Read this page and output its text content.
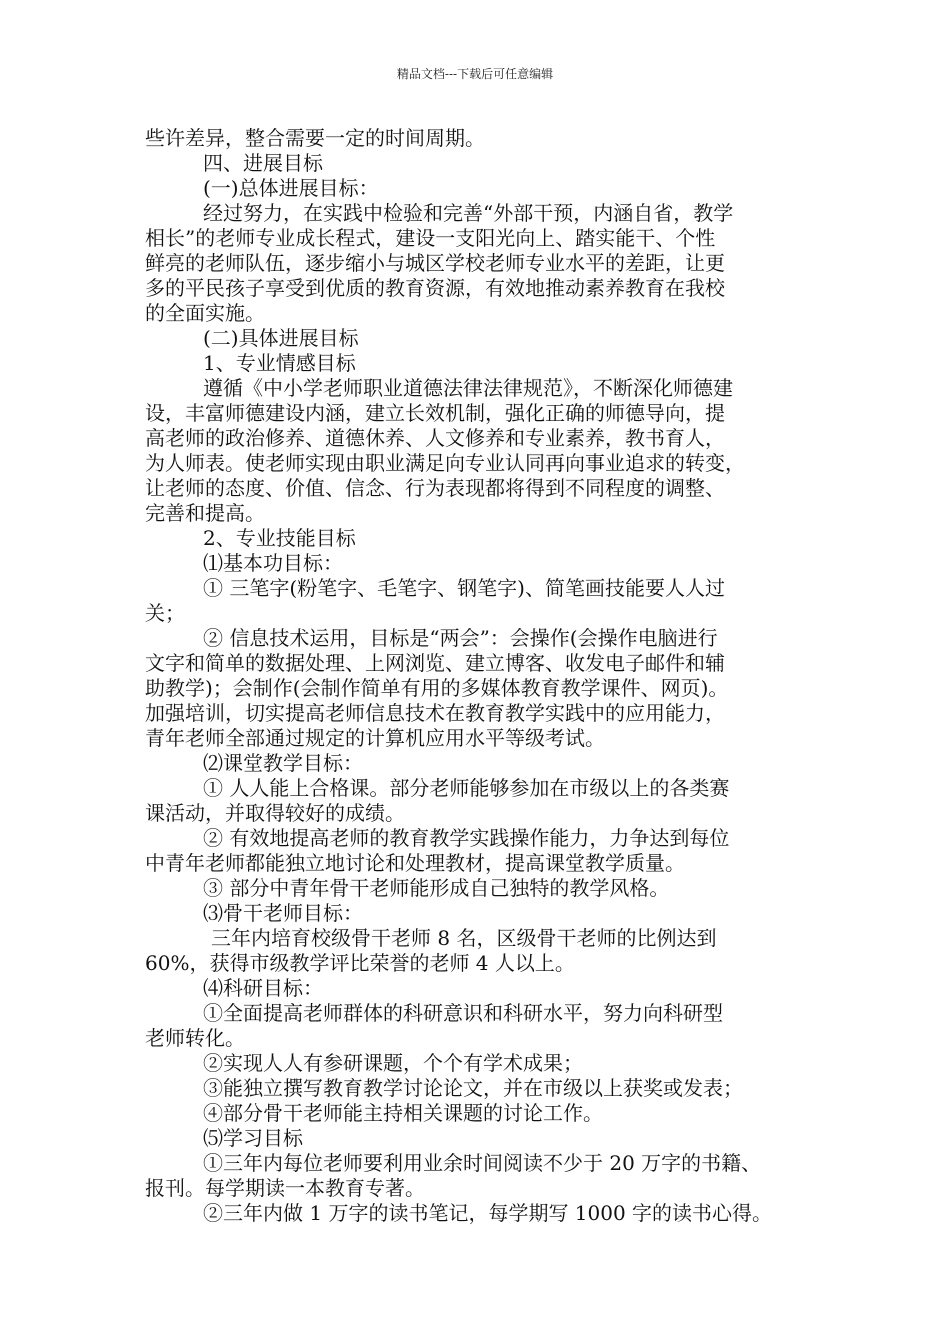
精品文档---下载后可任意编辑
些许差异，整合需要一定的时间周期。
四、进展目标
(一)总体进展目标：
经过努力，在实践中检验和完善“外部干预，内涵自省，教学
相长”的老师专业成长程式，建设一支阳光向上、踏实能干、个性
鲜亮的老师队伍，逐步缩小与城区学校老师专业水平的差距，让更
多的平民孩子享受到优质的教育资源，有效地推动素养教育在我校
的全面实施。
(二)具体进展目标
1、专业情感目标
遵循《中小学老师职业道德法律法律规范》，不断深化师德建
设，丰富师德建设内涵，建立长效机制，强化正确的师德导向，提
高老师的政治修养、道德休养、人文修养和专业素养，教书育人，
为人师表。使老师实现由职业满足向专业认同再向事业追求的转变，
让老师的态度、价值、信念、行为表现都将得到不同程度的调整、
完善和提高。
2、专业技能目标
⑴基本功目标：
① 三笔字(粉笔字、毛笔字、钢笔字)、简笔画技能要人人过
关；
② 信息技术运用，目标是“两会”：会操作(会操作电脑进行
文字和简单的数据处理、上网浏览、建立博客、收发电子邮件和辅
助教学)；会制作(会制作简单有用的多媒体教育教学课件、网页)。
加强培训，切实提高老师信息技术在教育教学实践中的应用能力，
青年老师全部通过规定的计算机应用水平等级考试。
⑵课堂教学目标：
① 人人能上合格课。部分老师能够参加在市级以上的各类赛
课活动，并取得较好的成绩。
② 有效地提高老师的教育教学实践操作能力，力争达到每位
中青年老师都能独立地讨论和处理教材，提高课堂教学质量。
③ 部分中青年骨干老师能形成自己独特的教学风格。
⑶骨干老师目标：
三年内培育校级骨干老师 8 名，区级骨干老师的比例达到
60%，获得市级教学评比荣誉的老师 4 人以上。
⑷科研目标：
①全面提高老师群体的科研意识和科研水平，努力向科研型
老师转化。
②实现人人有参研课题，个个有学术成果；
③能独立撰写教育教学讨论论文，并在市级以上获奖或发表；
④部分骨干老师能主持相关课题的讨论工作。
⑸学习目标
①三年内每位老师要利用业余时间阅读不少于 20 万字的书籍、
报刊。每学期读一本教育专著。
②三年内做 1 万字的读书笔记，每学期写 1000 字的读书心得。
